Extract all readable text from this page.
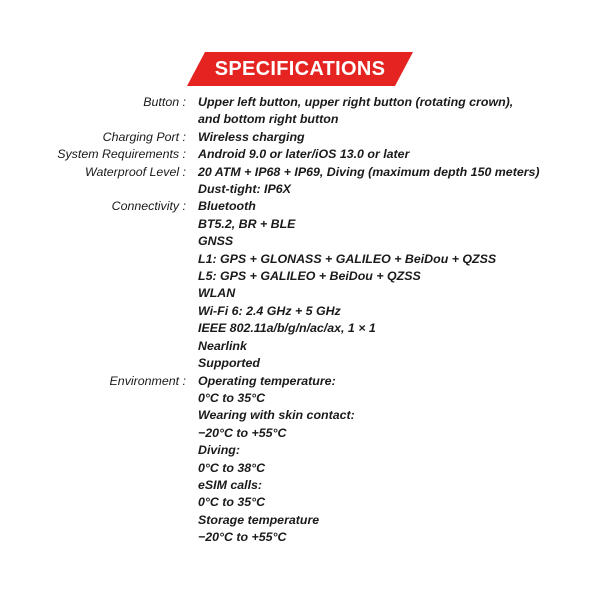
SPECIFICATIONS
Button : Upper left button, upper right button (rotating crown),
and bottom right button
Charging Port : Wireless charging
System Requirements : Android 9.0 or later/iOS 13.0 or later
Waterproof Level : 20 ATM + IP68 + IP69, Diving (maximum depth 150 meters)
Dust-tight: IP6X
Connectivity : Bluetooth
BT5.2, BR + BLE
GNSS
L1: GPS + GLONASS + GALILEO + BeiDou + QZSS
L5: GPS + GALILEO + BeiDou + QZSS
WLAN
Wi-Fi 6: 2.4 GHz + 5 GHz
IEEE 802.11a/b/g/n/ac/ax, 1 × 1
Nearlink
Supported
Environment : Operating temperature:
0°C to 35°C
Wearing with skin contact:
−20°C to +55°C
Diving:
0°C to 38°C
eSIM calls:
0°C to 35°C
Storage temperature
−20°C to +55°C
